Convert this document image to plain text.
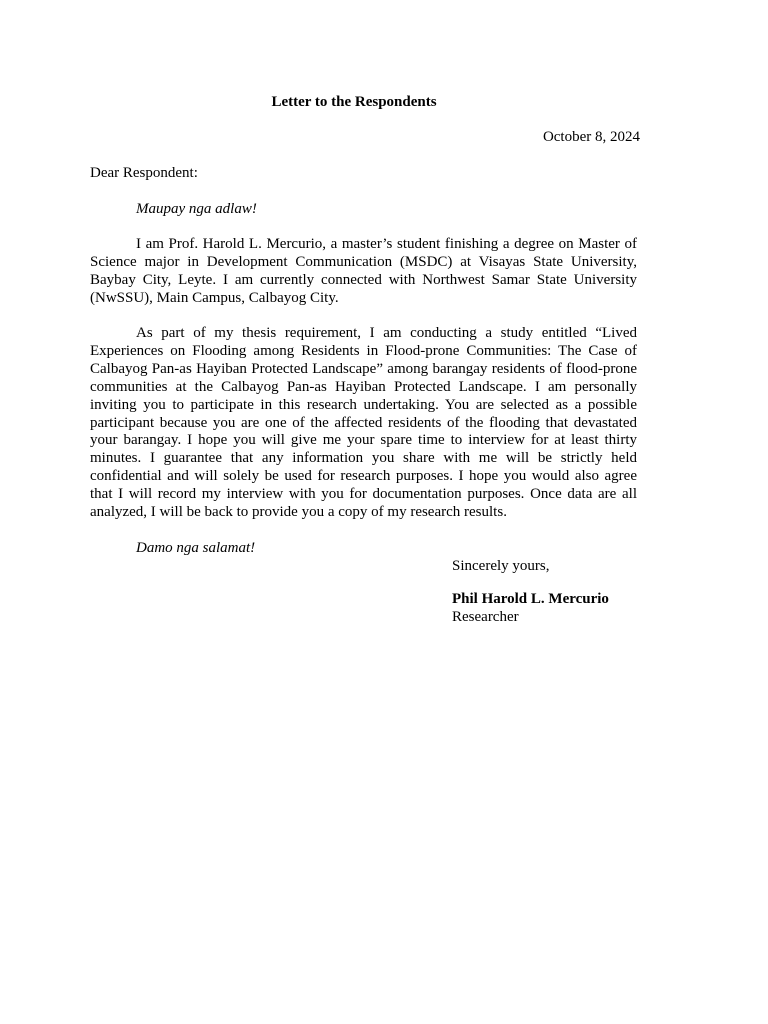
Letter to the Respondents
October 8, 2024
Dear Respondent:
Maupay nga adlaw!

I am Prof. Harold L. Mercurio, a master’s student finishing a degree on Master of Science major in Development Communication (MSDC) at Visayas State University, Baybay City, Leyte. I am currently connected with Northwest Samar State University (NwSSU), Main Campus, Calbayog City.

As part of my thesis requirement, I am conducting a study entitled “Lived Experiences on Flooding among Residents in Flood-prone Communities: The Case of Calbayog Pan-as Hayiban Protected Landscape” among barangay residents of flood-prone communities at the Calbayog Pan-as Hayiban Protected Landscape. I am personally inviting you to participate in this research undertaking. You are selected as a possible participant because you are one of the affected residents of the flooding that devastated your barangay. I hope you will give me your spare time to interview for at least thirty minutes. I guarantee that any information you share with me will be strictly held confidential and will solely be used for research purposes. I hope you would also agree that I will record my interview with you for documentation purposes. Once data are all analyzed, I will be back to provide you a copy of my research results.

Damo nga salamat!
Sincerely yours,
Phil Harold L. Mercurio
Researcher
